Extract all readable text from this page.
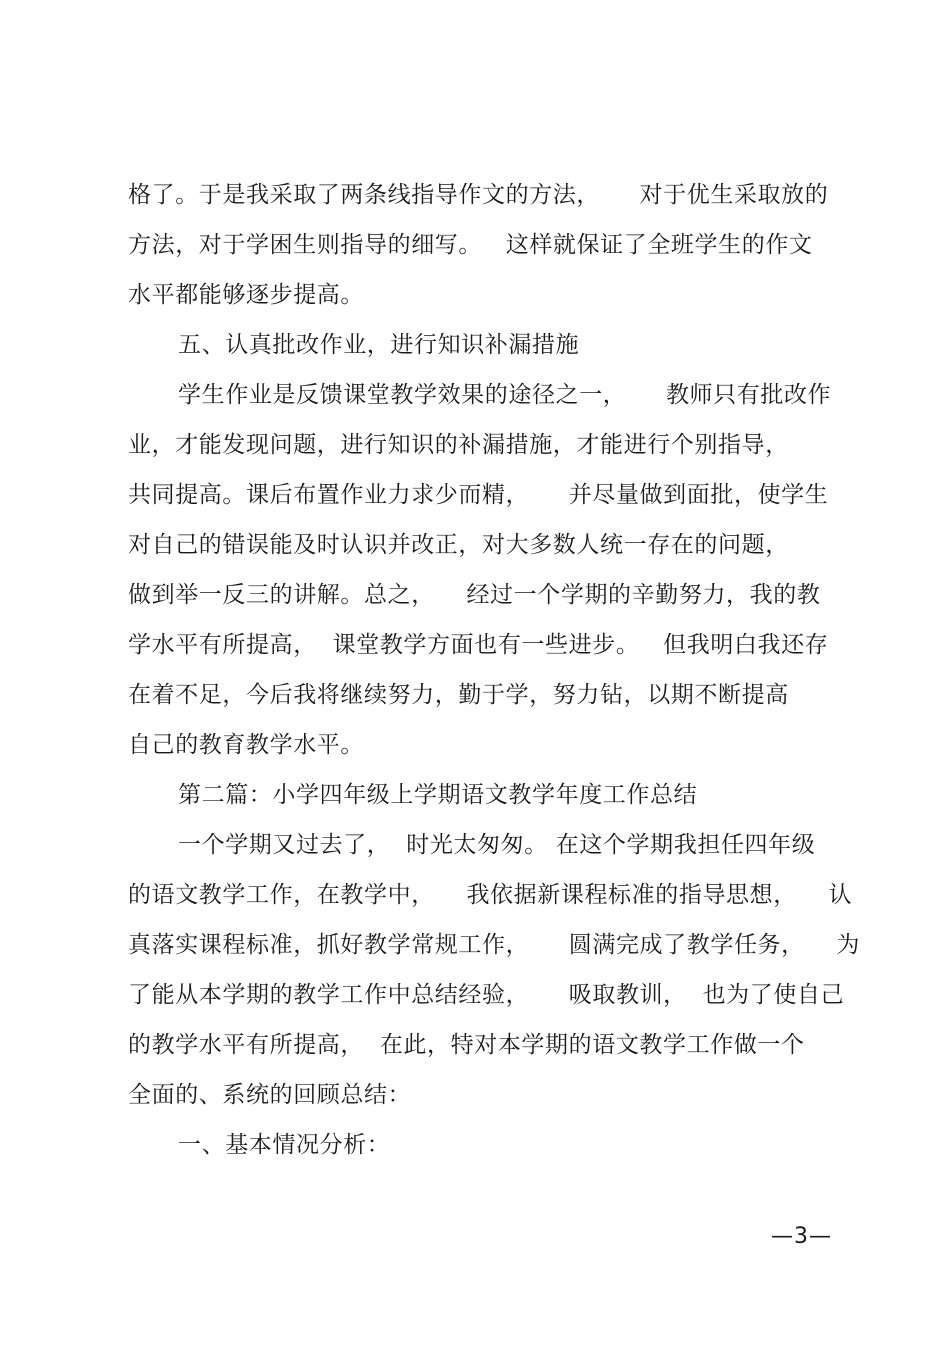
格了。于是我采取了两条线指导作文的方法，     对于优生采取放的
方法，对于学困生则指导的细写。   这样就保证了全班学生的作文
水平都能够逐步提高。
五、认真批改作业，进行知识补漏措施
学生作业是反馈课堂教学效果的途径之一，     教师只有批改作
业，才能发现问题，进行知识的补漏措施，才能进行个别指导，
共同提高。课后布置作业力求少而精，     并尽量做到面批，使学生
对自己的错误能及时认识并改正，对大多数人统一存在的问题，
做到举一反三的讲解。总之，    经过一个学期的辛勤努力，我的教
学水平有所提高，  课堂教学方面也有一些进步。   但我明白我还存
在着不足，今后我将继续努力，勤于学，努力钻，以期不断提高
自己的教育教学水平。
第二篇：小学四年级上学期语文教学年度工作总结
一个学期又过去了，  时光太匆匆。 在这个学期我担任四年级
的语文教学工作，在教学中，    我依据新课程标准的指导思想，    认
真落实课程标准，抓好教学常规工作，     圆满完成了教学任务，    为
了能从本学期的教学工作中总结经验，     吸取教训，  也为了使自己
的教学水平有所提高，  在此，特对本学期的语文教学工作做一个
全面的、系统的回顾总结：
一、基本情况分析：
—3—
